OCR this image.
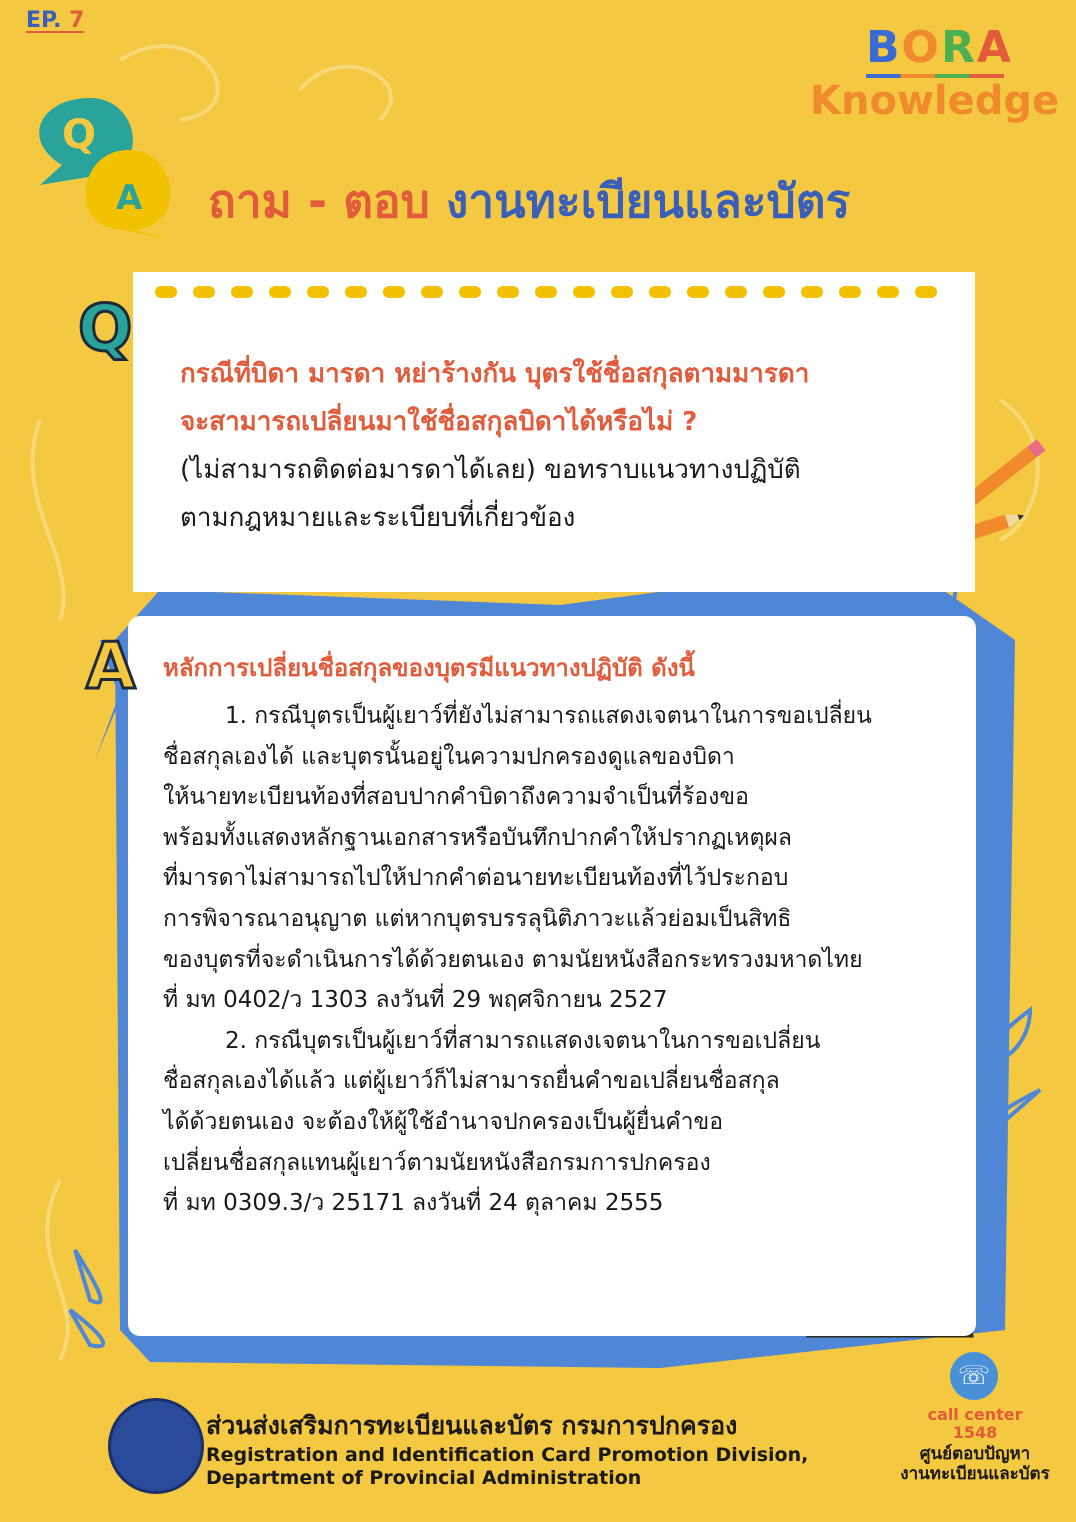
EP. 7
BORA
Knowledge
Q
A ถาม - ตอบ งานทะเบียนและบัตร
Q
กรณีที่บิดา มารดา หย่าร้างกัน บุตรใช้ชื่อสกุลตามมารดา
จะสามารถเปลี่ยนมาใช้ชื่อสกุลบิดาได้หรือไม่ ?
(ไม่สามารถติดต่อมารดาได้เลย) ขอทราบแนวทางปฏิบัติ
ตามกฎหมายและระเบียบที่เกี่ยวข้อง
A หลักการเปลี่ยนชื่อสกุลของบุตรมีแนวทางปฏิบัติ ดังนี้
1. กรณีบุตรเป็นผู้เยาว์ที่ยังไม่สามารถแสดงเจตนาในการขอเปลี่ยน
ชื่อสกุลเองได้ และบุตรนั้นอยู่ในความปกครองดูแลของบิดา
ให้นายทะเบียนท้องที่สอบปากคำบิดาถึงความจำเป็นที่ร้องขอ
พร้อมทั้งแสดงหลักฐานเอกสารหรือบันทึกปากคำให้ปรากฏเหตุผล
ที่มารดาไม่สามารถไปให้ปากคำต่อนายทะเบียนท้องที่ไว้ประกอบ
การพิจารณาอนุญาต แต่หากบุตรบรรลุนิติภาวะแล้วย่อมเป็นสิทธิ
ของบุตรที่จะดำเนินการได้ด้วยตนเอง ตามนัยหนังสือกระทรวงมหาดไทย
ที่ มท 0402/ว 1303 ลงวันที่ 29 พฤศจิกายน 2527
2. กรณีบุตรเป็นผู้เยาว์ที่สามารถแสดงเจตนาในการขอเปลี่ยน
ชื่อสกุลเองได้แล้ว แต่ผู้เยาว์ก็ไม่สามารถยื่นคำขอเปลี่ยนชื่อสกุล
ได้ด้วยตนเอง จะต้องให้ผู้ใช้อำนาจปกครองเป็นผู้ยื่นคำขอ
เปลี่ยนชื่อสกุลแทนผู้เยาว์ตามนัยหนังสือกรมการปกครอง
ที่ มท 0309.3/ว 25171 ลงวันที่ 24 ตุลาคม 2555
ส่วนส่งเสริมการทะเบียนและบัตร กรมการปกครอง
Registration and Identification Card Promotion Division,
Department of Provincial Administration
☏
call center
1548
ศูนย์ตอบปัญหา
งานทะเบียนและบัตร
